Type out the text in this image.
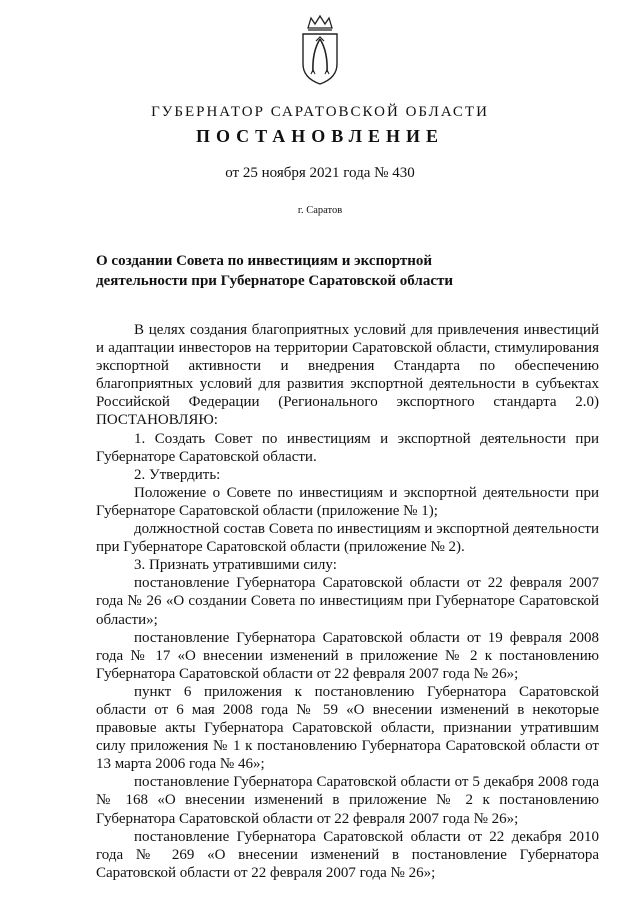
ГУБЕРНАТОР САРАТОВСКОЙ ОБЛАСТИ
ПОСТАНОВЛЕНИЕ
от 25 ноября 2021 года № 430
г. Саратов
О создании Совета по инвестициям и экспортной деятельности при Губернаторе Саратовской области

В целях создания благоприятных условий для привлечения инвестиций и адаптации инвесторов на территории Саратовской области, стимулирования экспортной активности и внедрения Стандарта по обеспечению благоприятных условий для развития экспортной деятельности в субъектах Российской Федерации (Регионального экспортного стандарта 2.0) ПОСТАНОВЛЯЮ:

1. Создать Совет по инвестициям и экспортной деятельности при Губернаторе Саратовской области.

2. Утвердить:

Положение о Совете по инвестициям и экспортной деятельности при Губернаторе Саратовской области (приложение № 1);

должностной состав Совета по инвестициям и экспортной деятельности при Губернаторе Саратовской области (приложение № 2).

3. Признать утратившими силу:

постановление Губернатора Саратовской области от 22 февраля 2007 года № 26 «О создании Совета по инвестициям при Губернаторе Саратовской области»;

постановление Губернатора Саратовской области от 19 февраля 2008 года № 17 «О внесении изменений в приложение № 2 к постановлению Губернатора Саратовской области от 22 февраля 2007 года № 26»;

пункт 6 приложения к постановлению Губернатора Саратовской области от 6 мая 2008 года № 59 «О внесении изменений в некоторые правовые акты Губернатора Саратовской области, признании утратившим силу приложения № 1 к постановлению Губернатора Саратовской области от 13 марта 2006 года № 46»;

постановление Губернатора Саратовской области от 5 декабря 2008 года № 168 «О внесении изменений в приложение № 2 к постановлению Губернатора Саратовской области от 22 февраля 2007 года № 26»;

постановление Губернатора Саратовской области от 22 декабря 2010 года № 269 «О внесении изменений в постановление Губернатора Саратовской области от 22 февраля 2007 года № 26»;
